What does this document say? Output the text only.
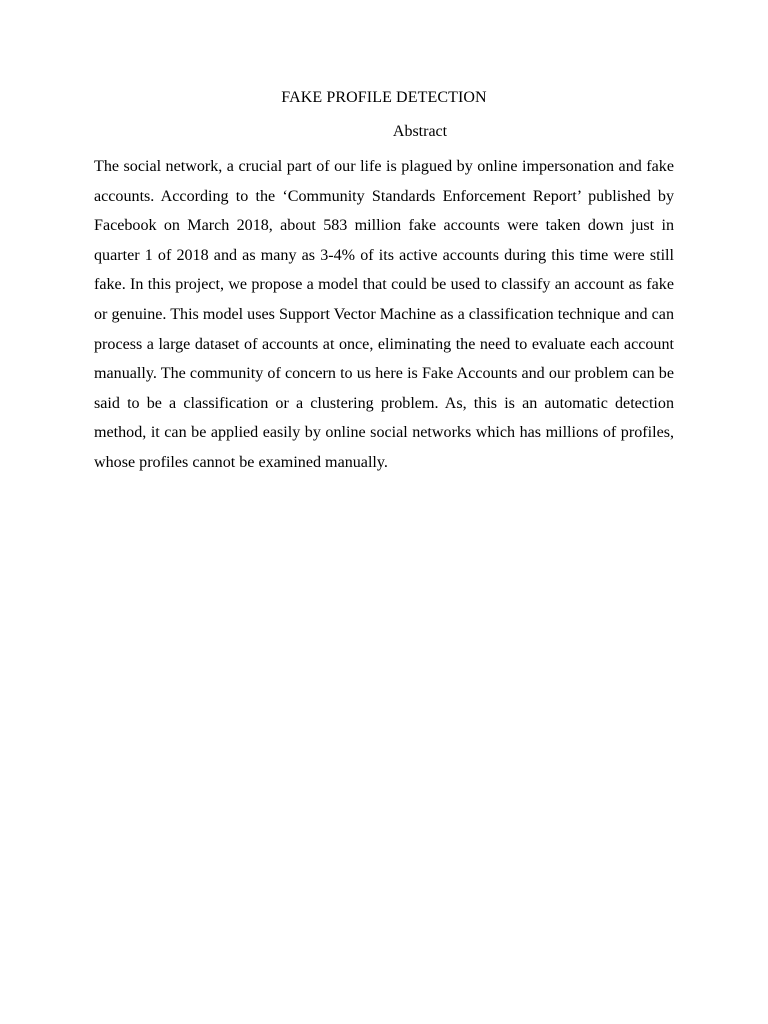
FAKE PROFILE DETECTION
Abstract

The social network, a crucial part of our life is plagued by online impersonation and fake accounts. According to the ‘Community Standards Enforcement Report’ published by Facebook on March 2018, about 583 million fake accounts were taken down just in quarter 1 of 2018 and as many as 3-4% of its active accounts during this time were still fake. In this project, we propose a model that could be used to classify an account as fake or genuine. This model uses Support Vector Machine as a classification technique and can process a large dataset of accounts at once, eliminating the need to evaluate each account manually. The community of concern to us here is Fake Accounts and our problem can be said to be a classification or a clustering problem. As, this is an automatic detection method, it can be applied easily by online social networks which has millions of profiles, whose profiles cannot be examined manually.
